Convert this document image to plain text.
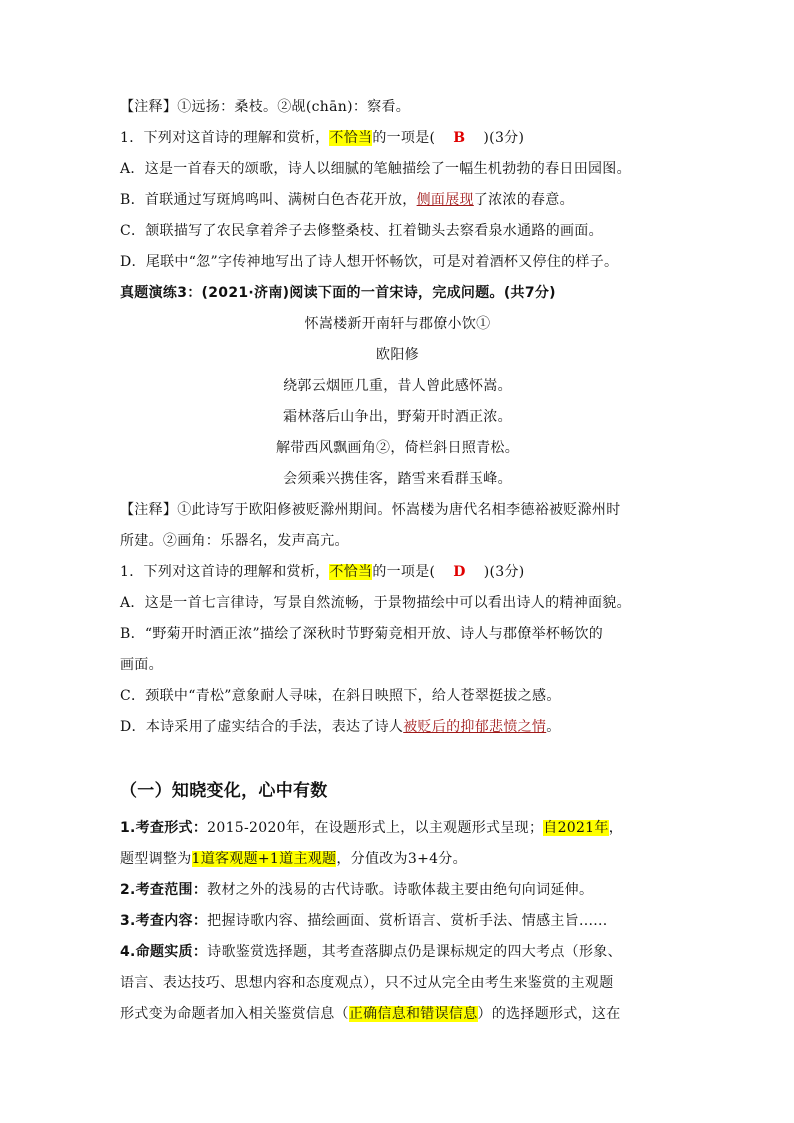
【注释】①远扬：桑枝。②觇(chān)：察看。
1．下列对这首诗的理解和赏析，不恰当的一项是( B )(3分)
A．这是一首春天的颂歌，诗人以细腻的笔触描绘了一幅生机勃勃的春日田园图。
B．首联通过写斑鸠鸣叫、满树白色杏花开放，侧面展现了浓浓的春意。
C．颔联描写了农民拿着斧子去修整桑枝、扛着锄头去察看泉水通路的画面。
D．尾联中“忽”字传神地写出了诗人想开怀畅饮，可是对着酒杯又停住的样子。
真题演练3：(2021·济南)阅读下面的一首宋诗，完成问题。(共7分)
怀嵩楼新开南轩与郡僚小饮①
欧阳修
绕郭云烟匝几重，昔人曾此感怀嵩。
霜林落后山争出，野菊开时酒正浓。
解带西风飘画角②，倚栏斜日照青松。
会须乘兴携佳客，踏雪来看群玉峰。
【注释】①此诗写于欧阳修被贬滁州期间。怀嵩楼为唐代名相李德裕被贬滁州时
所建。②画角：乐器名，发声高亢。
1．下列对这首诗的理解和赏析，不恰当的一项是( D )(3分)
A．这是一首七言律诗，写景自然流畅，于景物描绘中可以看出诗人的精神面貌。
B．“野菊开时酒正浓”描绘了深秋时节野菊竞相开放、诗人与郡僚举杯畅饮的
画面。
C．颈联中“青松”意象耐人寻味，在斜日映照下，给人苍翠挺拔之感。
D．本诗采用了虚实结合的手法，表达了诗人被贬后的抑郁悲愤之情。
（一）知晓变化，心中有数
1.考查形式：2015-2020年，在设题形式上，以主观题形式呈现；自2021年，
题型调整为1道客观题+1道主观题，分值改为3+4分。
2.考查范围：教材之外的浅易的古代诗歌。诗歌体裁主要由绝句向词延伸。
3.考查内容：把握诗歌内容、描绘画面、赏析语言、赏析手法、情感主旨......
4.命题实质：诗歌鉴赏选择题，其考查落脚点仍是课标规定的四大考点（形象、
语言、表达技巧、思想内容和态度观点），只不过从完全由考生来鉴赏的主观题
形式变为命题者加入相关鉴赏信息（正确信息和错误信息）的选择题形式，这在
